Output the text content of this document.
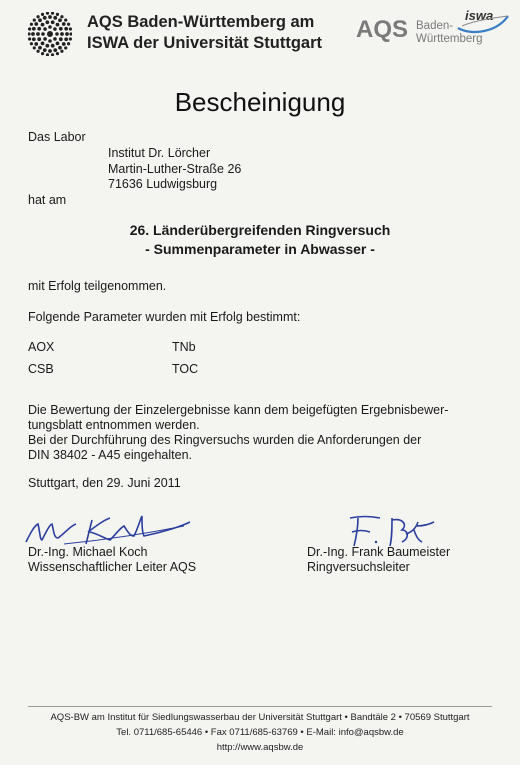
AQS Baden-Württemberg am
ISWA der Universität Stuttgart AQS Baden-
Württemberg
iswa
Bescheinigung
Das Labor
Institut Dr. Lörcher
Martin-Luther-Straße 26
71636 Ludwigsburg
hat am
26. Länderübergreifenden Ringversuch
- Summenparameter in Abwasser -
mit Erfolg teilgenommen.
Folgende Parameter wurden mit Erfolg bestimmt:
AOX	TNb
CSB	TOC
Die Bewertung der Einzelergebnisse kann dem beigefügten Ergebnisbewer-
tungsblatt entnommen werden.
Bei der Durchführung des Ringversuchs wurden die Anforderungen der
DIN 38402 - A45 eingehalten.
Stuttgart, den 29. Juni 2011
Dr.-Ing. Michael Koch
Wissenschaftlicher Leiter AQS
Dr.-Ing. Frank Baumeister
Ringversuchsleiter
AQS-BW am Institut für Siedlungswasserbau der Universität Stuttgart • Bandtäle 2 • 70569 Stuttgart
Tel. 0711/685-65446 • Fax 0711/685-63769 • E-Mail: info@aqsbw.de
http://www.aqsbw.de
